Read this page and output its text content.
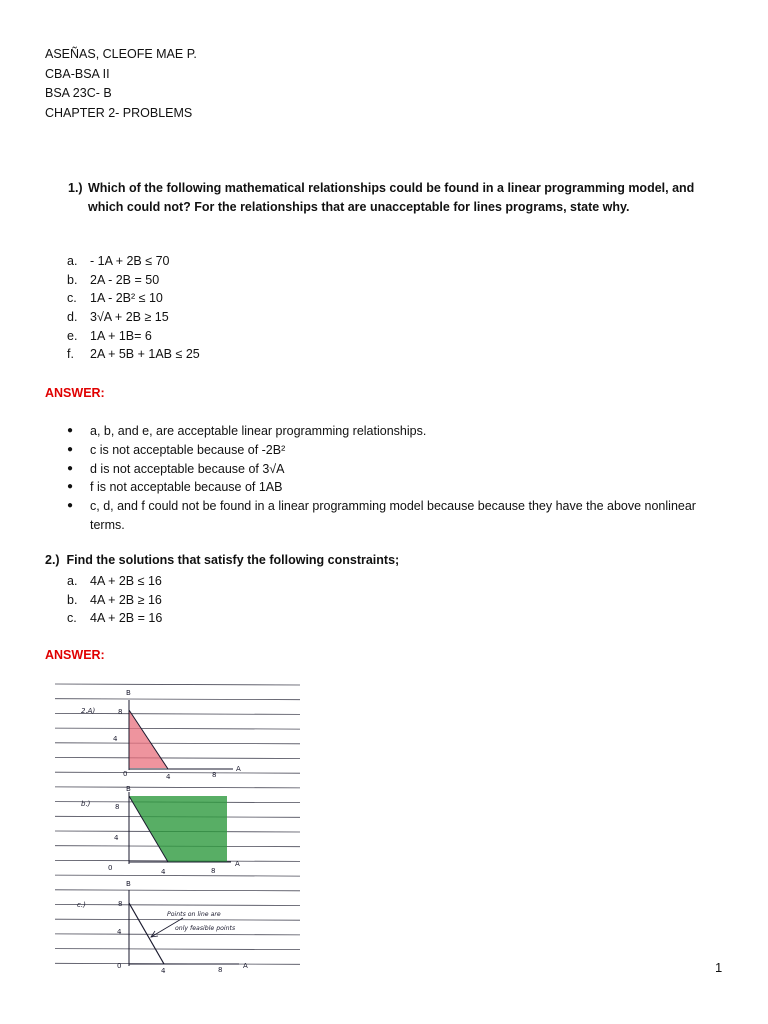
ASEÑAS, CLEOFE MAE P.
CBA-BSA II
BSA 23C- B
CHAPTER 2- PROBLEMS
1.) Which of the following mathematical relationships could be found in a linear programming model, and which could not? For the relationships that are unacceptable for lines programs, state why.
a. - 1A + 2B ≤ 70
b. 2A - 2B = 50
c. 1A - 2B² ≤ 10
d. 3√A + 2B ≥ 15
e. 1A + 1B= 6
f. 2A + 5B + 1AB ≤ 25
ANSWER:
● a, b, and e, are acceptable linear programming relationships.
● c is not acceptable because of -2B²
● d is not acceptable because of 3√A
● f is not acceptable because of 1AB
● c, d, and f could not be found in a linear programming model because because they have the above nonlinear terms.
2.) Find the solutions that satisfy the following constraints;
a. 4A + 2B ≤ 16
b. 4A + 2B ≥ 16
c. 4A + 2B = 16
ANSWER:
B
A
2.A)	8
4
0	4	8
B
A
b.)	8
4
0	4	8
B
A
c.)	8
4
0
4	8
Points on line are
only feasible points
1
